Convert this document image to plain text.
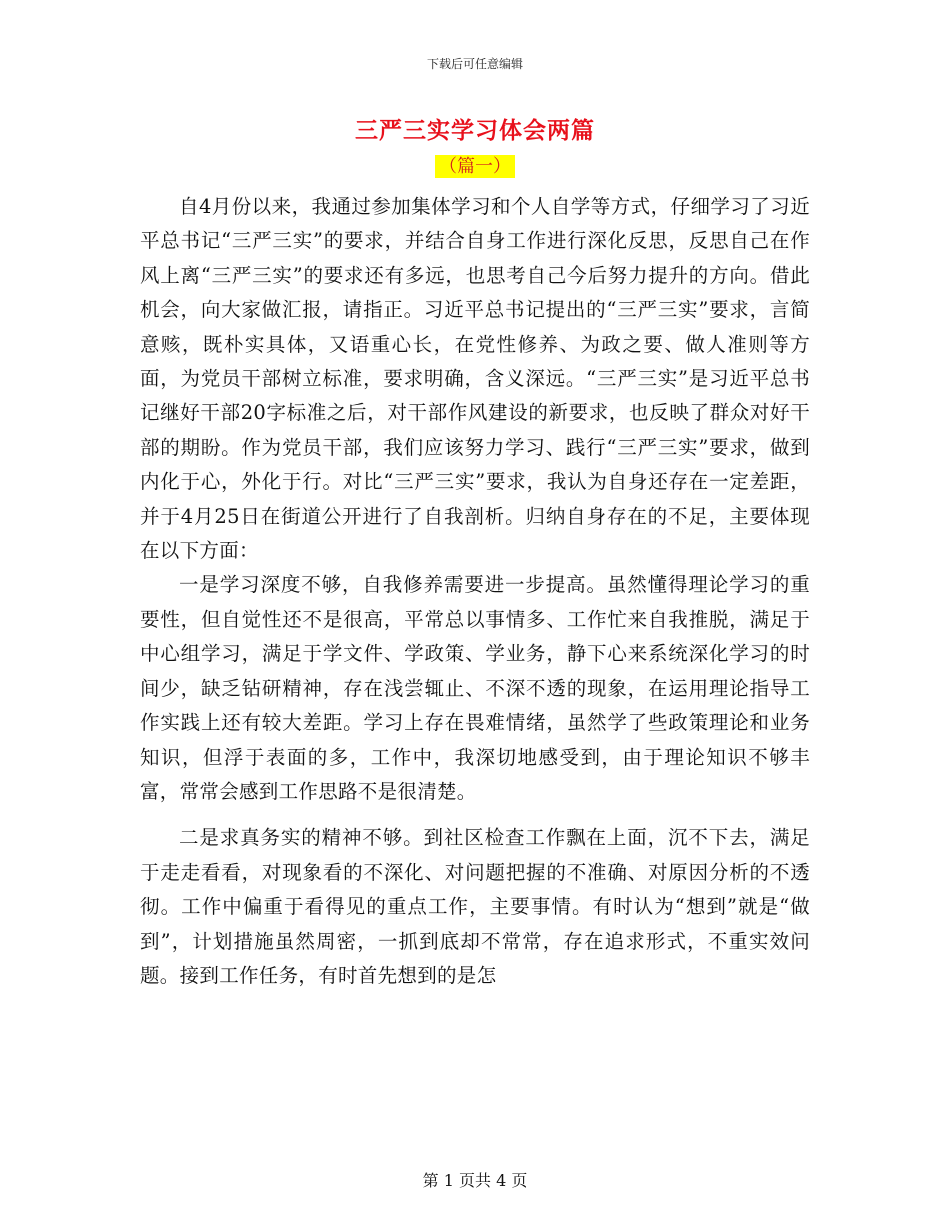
下载后可任意编辑
三严三实学习体会两篇
（篇一）

自4月份以来，我通过参加集体学习和个人自学等方式，仔细学习了习近平总书记“三严三实”的要求，并结合自身工作进行深化反思，反思自己在作风上离“三严三实”的要求还有多远，也思考自己今后努力提升的方向。借此机会，向大家做汇报，请指正。习近平总书记提出的“三严三实”要求，言简意赅，既朴实具体，又语重心长，在党性修养、为政之要、做人准则等方面，为党员干部树立标准，要求明确，含义深远。“三严三实”是习近平总书记继好干部20字标准之后，对干部作风建设的新要求，也反映了群众对好干部的期盼。作为党员干部，我们应该努力学习、践行“三严三实”要求，做到内化于心，外化于行。对比“三严三实”要求，我认为自身还存在一定差距，并于4月25日在街道公开进行了自我剖析。归纳自身存在的不足，主要体现在以下方面：

一是学习深度不够，自我修养需要进一步提高。虽然懂得理论学习的重要性，但自觉性还不是很高，平常总以事情多、工作忙来自我推脱，满足于中心组学习，满足于学文件、学政策、学业务，静下心来系统深化学习的时间少，缺乏钻研精神，存在浅尝辄止、不深不透的现象，在运用理论指导工作实践上还有较大差距。学习上存在畏难情绪，虽然学了些政策理论和业务知识，但浮于表面的多，工作中，我深切地感受到，由于理论知识不够丰富，常常会感到工作思路不是很清楚。

二是求真务实的精神不够。到社区检查工作飘在上面，沉不下去，满足于走走看看，对现象看的不深化、对问题把握的不准确、对原因分析的不透彻。工作中偏重于看得见的重点工作，主要事情。有时认为“想到”就是“做到”，计划措施虽然周密，一抓到底却不常常，存在追求形式，不重实效问题。接到工作任务，有时首先想到的是怎

第 1 页共 4 页
